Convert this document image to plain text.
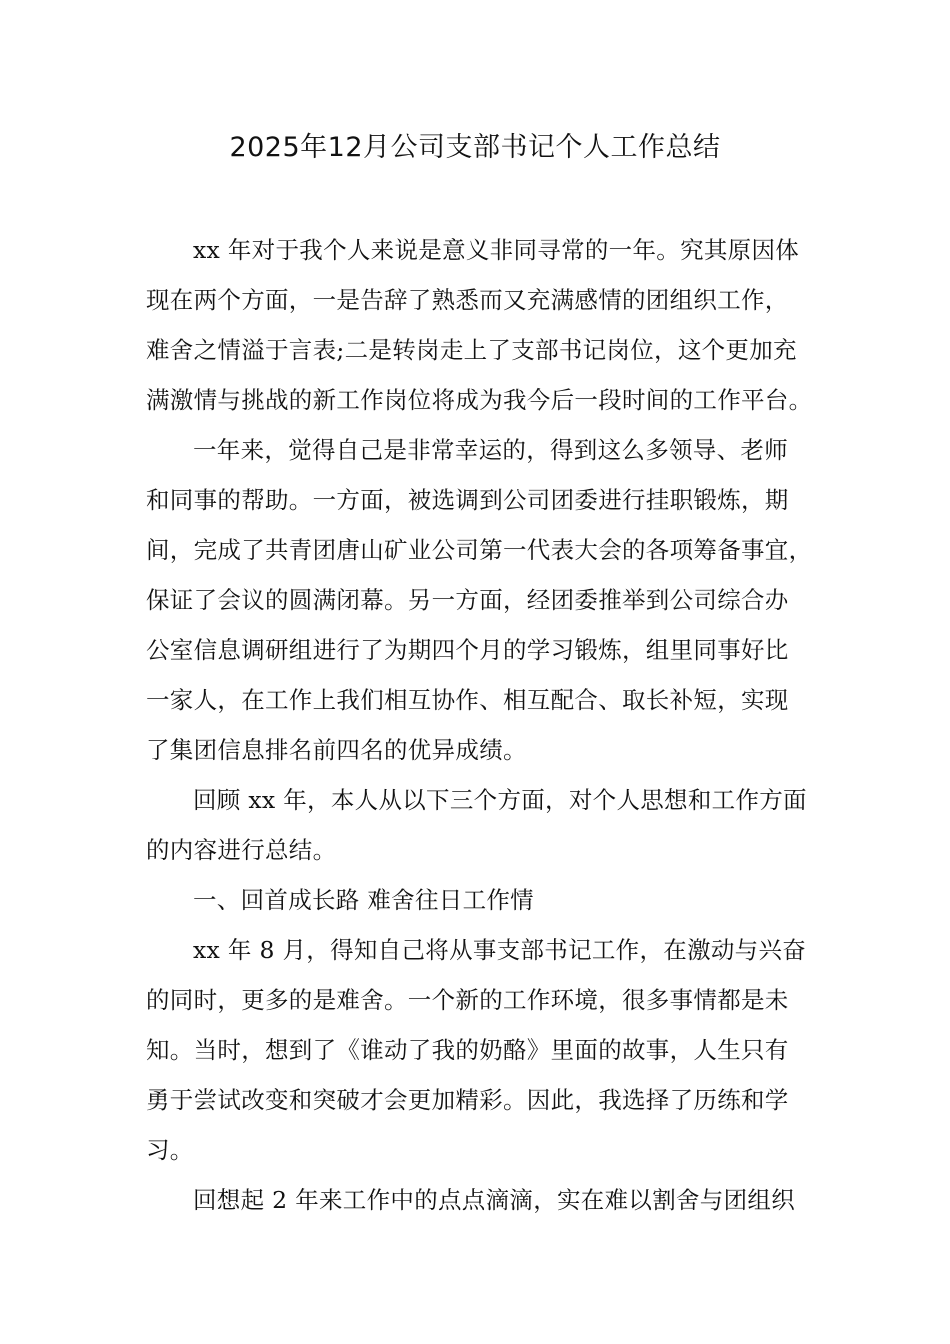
2025年12月公司支部书记个人工作总结
xx 年对于我个人来说是意义非同寻常的一年。究其原因体
现在两个方面，一是告辞了熟悉而又充满感情的团组织工作，
难舍之情溢于言表;二是转岗走上了支部书记岗位，这个更加充
满激情与挑战的新工作岗位将成为我今后一段时间的工作平台。
一年来，觉得自己是非常幸运的，得到这么多领导、老师
和同事的帮助。一方面，被选调到公司团委进行挂职锻炼，期
间，完成了共青团唐山矿业公司第一代表大会的各项筹备事宜，
保证了会议的圆满闭幕。另一方面，经团委推举到公司综合办
公室信息调研组进行了为期四个月的学习锻炼，组里同事好比
一家人，在工作上我们相互协作、相互配合、取长补短，实现
了集团信息排名前四名的优异成绩。
回顾 xx 年，本人从以下三个方面，对个人思想和工作方面
的内容进行总结。
一、回首成长路 难舍往日工作情
xx 年 8 月，得知自己将从事支部书记工作，在激动与兴奋
的同时，更多的是难舍。一个新的工作环境，很多事情都是未
知。当时，想到了《谁动了我的奶酪》里面的故事，人生只有
勇于尝试改变和突破才会更加精彩。因此，我选择了历练和学
习。
回想起 2 年来工作中的点点滴滴，实在难以割舍与团组织
